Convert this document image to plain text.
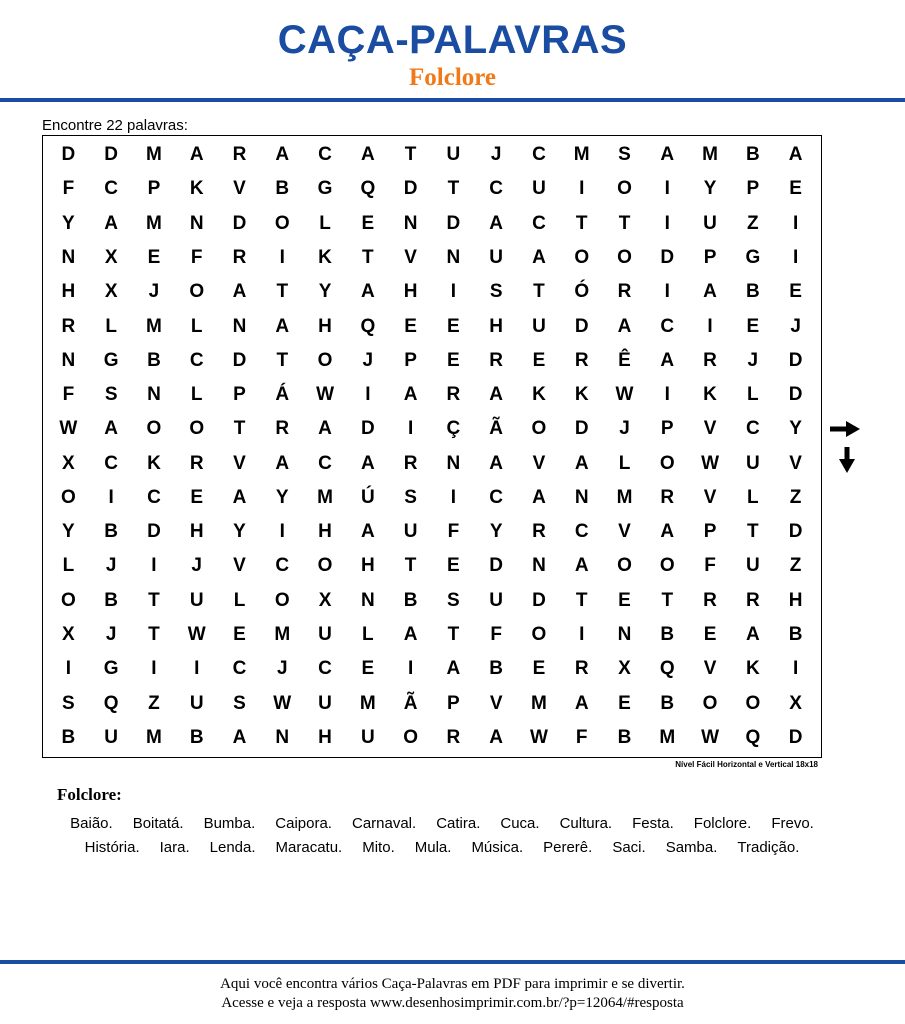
CAÇA-PALAVRAS
Folclore
Encontre 22 palavras:
D	D	M	A	R	A	C	A	T	U	J	C	M	S	A	M	B	A
F	C	P	K	V	B	G	Q	D	T	C	U	I	O	I	Y	P	E
Y	A	M	N	D	O	L	E	N	D	A	C	T	T	I	U	Z	I
N	X	E	F	R	I	K	T	V	N	U	A	O	O	D	P	G	I
H	X	J	O	A	T	Y	A	H	I	S	T	Ó	R	I	A	B	E
R	L	M	L	N	A	H	Q	E	E	H	U	D	A	C	I	E	J
N	G	B	C	D	T	O	J	P	E	R	E	R	Ê	A	R	J	D
F	S	N	L	P	Á	W	I	A	R	A	K	K	W	I	K	L	D
W	A	O	O	T	R	A	D	I	Ç	Ã	O	D	J	P	V	C	Y
X	C	K	R	V	A	C	A	R	N	A	V	A	L	O	W	U	V
O	I	C	E	A	Y	M	Ú	S	I	C	A	N	M	R	V	L	Z
Y	B	D	H	Y	I	H	A	U	F	Y	R	C	V	A	P	T	D
L	J	I	J	V	C	O	H	T	E	D	N	A	O	O	F	U	Z
O	B	T	U	L	O	X	N	B	S	U	D	T	E	T	R	R	H
X	J	T	W	E	M	U	L	A	T	F	O	I	N	B	E	A	B
I	G	I	I	C	J	C	E	I	A	B	E	R	X	Q	V	K	I
S	Q	Z	U	S	W	U	M	Ã	P	V	M	A	E	B	O	O	X
B	U	M	B	A	N	H	U	O	R	A	W	F	B	M	W	Q	D
Nível Fácil Horizontal e Vertical 18x18
Folclore:
Baião. Boitatá. Bumba. Caipora. Carnaval. Catira. Cuca. Cultura. Festa. Folclore. Frevo.
História. Iara. Lenda. Maracatu. Mito. Mula. Música. Pererê. Saci. Samba. Tradição.
Aqui você encontra vários Caça-Palavras em PDF para imprimir e se divertir.
Acesse e veja a resposta www.desenhosimprimir.com.br/?p=12064/#resposta
